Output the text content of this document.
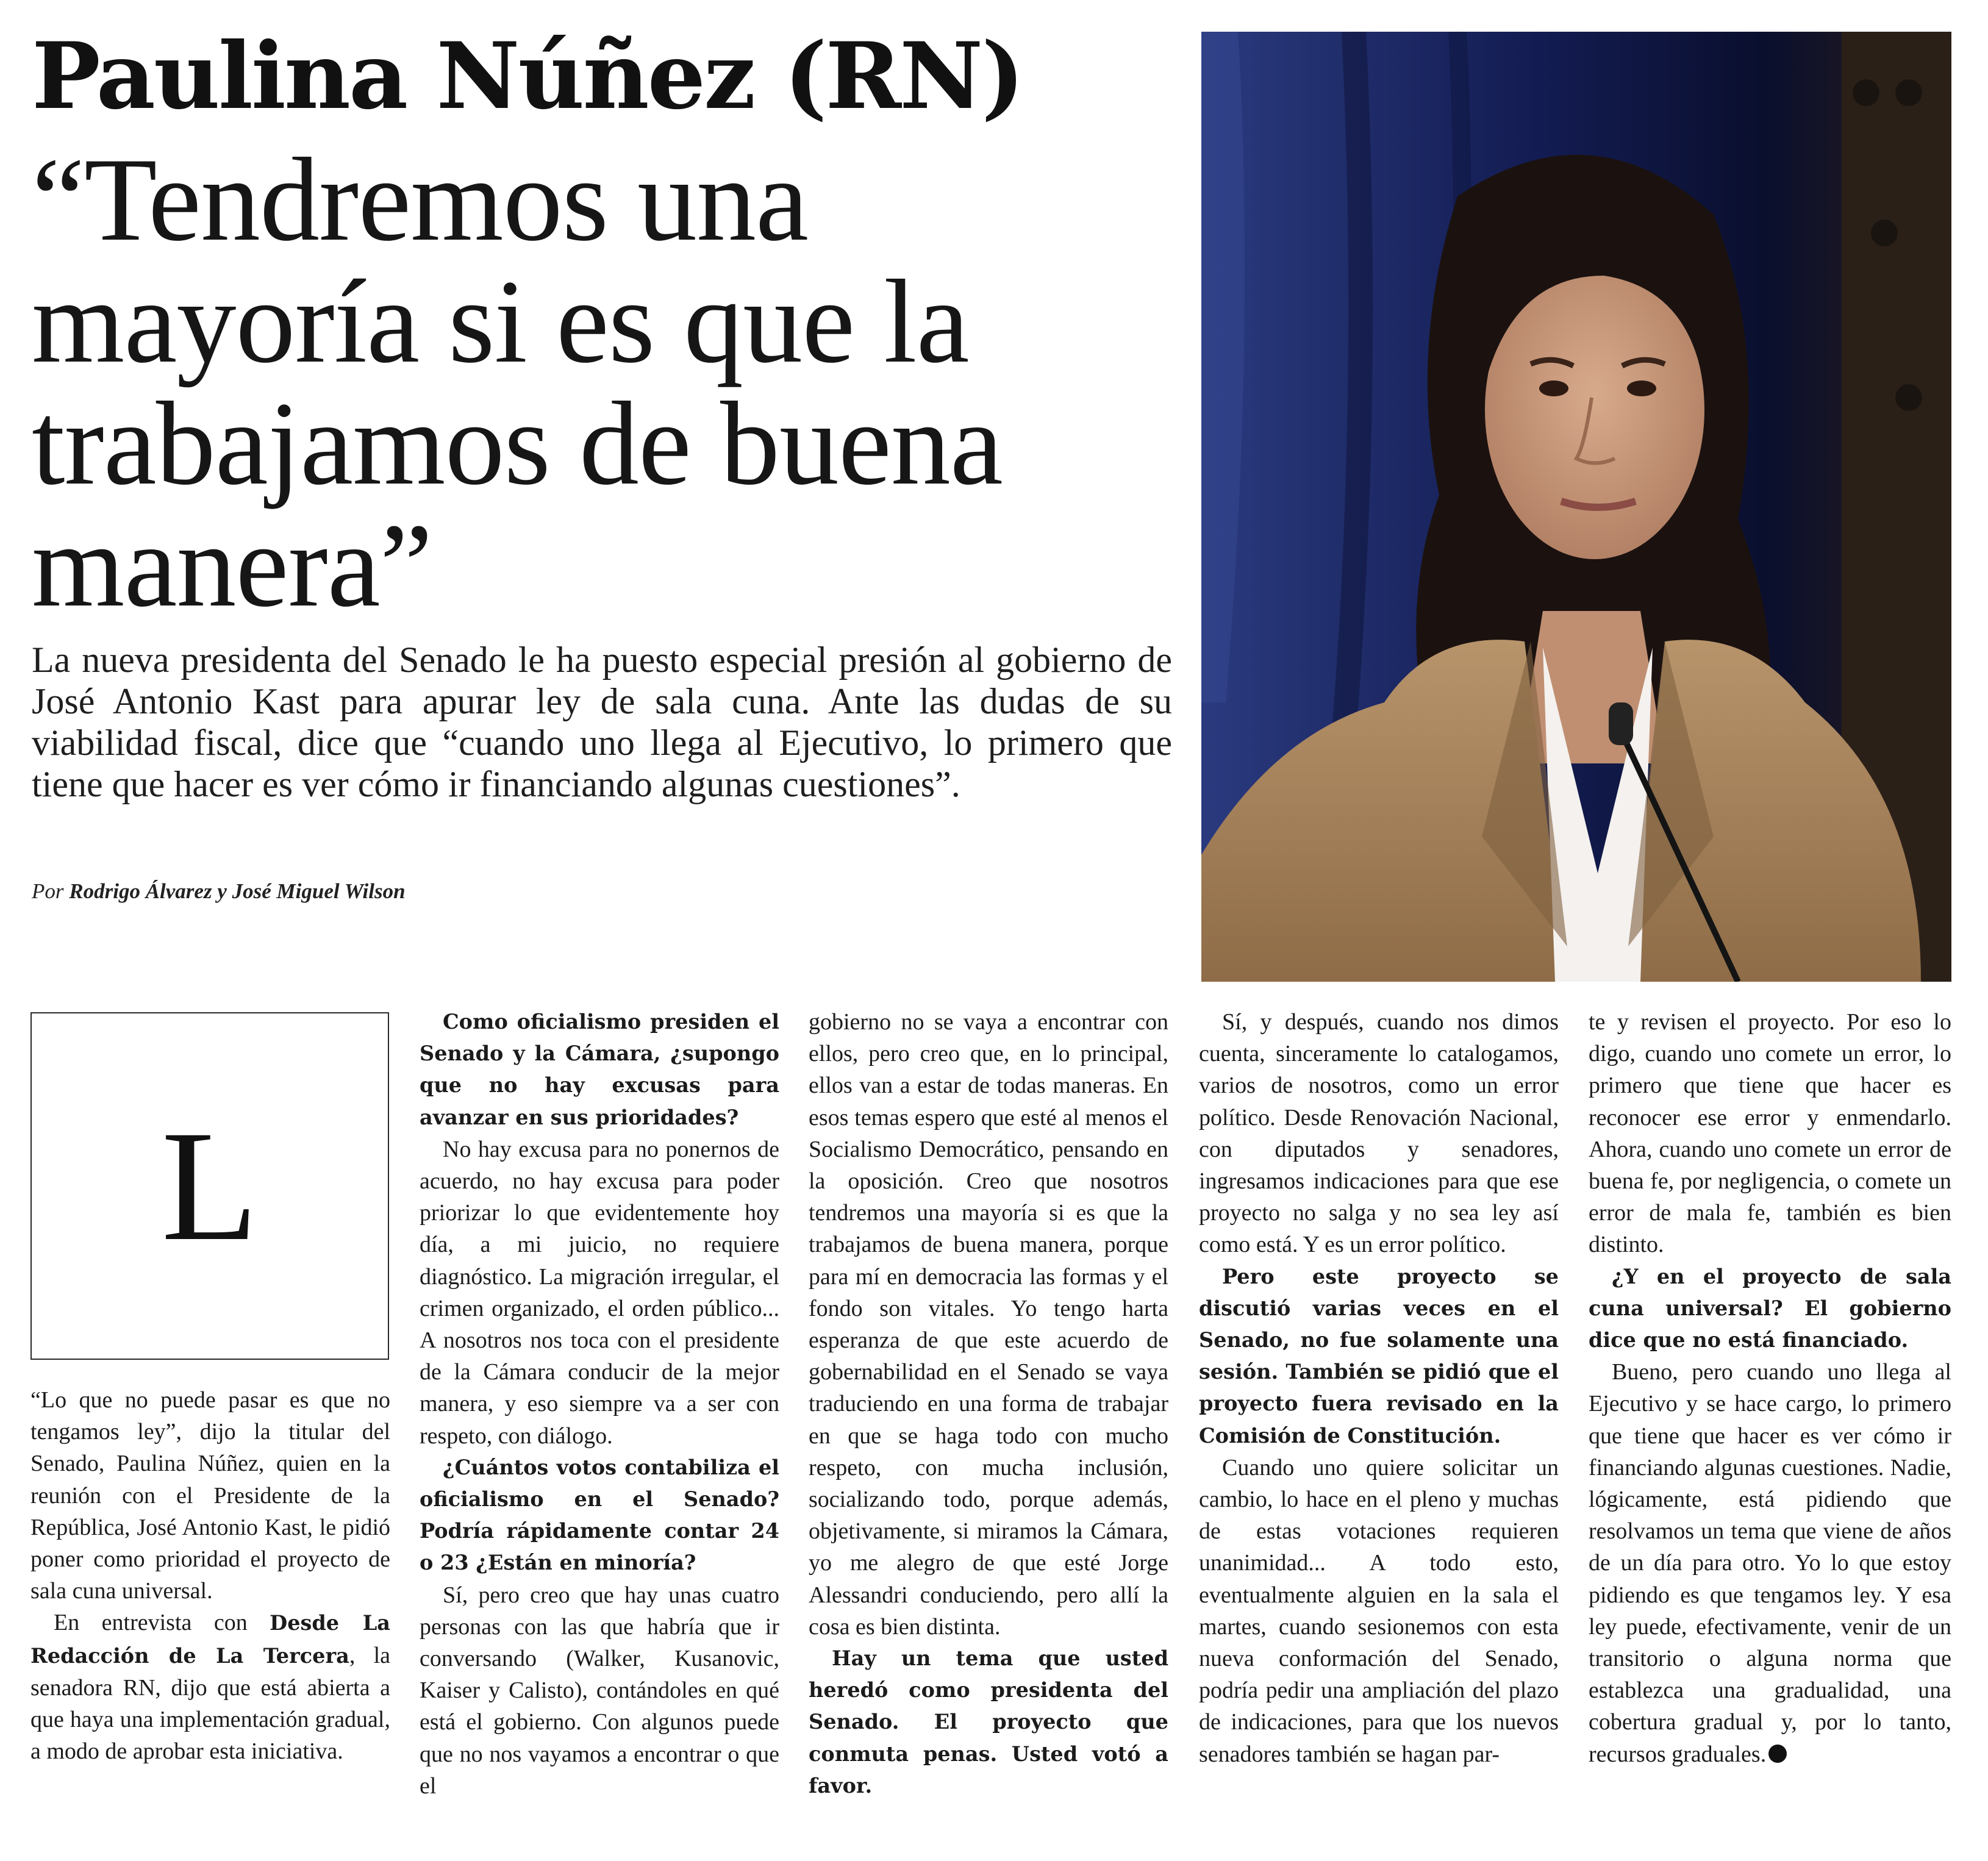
Paulina Núñez (RN)
“Tendremos una
mayoría si es que la
trabajamos de buena
manera”

La nueva presidenta del Senado le ha puesto especial presión al gobierno de José Antonio Kast para apurar ley de sala cuna. Ante las dudas de su viabilidad fiscal, dice que “cuando uno llega al Ejecutivo, lo primero que tiene que hacer es ver cómo ir financiando algunas cuestiones”.

Por Rodrigo Álvarez y José Miguel Wilson

L

“Lo que no puede pasar es que no tengamos ley”, dijo la titular del Senado, Paulina Núñez, quien en la reunión con el Presidente de la República, José Antonio Kast, le pidió poner como prioridad el proyecto de sala cuna universal.

En entrevista con Desde La Redacción de La Tercera, la senadora RN, dijo que está abierta a que haya una implementación gradual, a modo de aprobar esta iniciativa.

Como oficialismo presiden el Senado y la Cámara, ¿supongo que no hay excusas para avanzar en sus prioridades?

No hay excusa para no ponernos de acuerdo, no hay excusa para poder priorizar lo que evidentemente hoy día, a mi juicio, no requiere diagnóstico. La migración irregular, el crimen organizado, el orden público... A nosotros nos toca con el presidente de la Cámara conducir de la mejor manera, y eso siempre va a ser con respeto, con diálogo.

¿Cuántos votos contabiliza el oficialismo en el Senado? Podría rápidamente contar 24 o 23 ¿Están en minoría?

Sí, pero creo que hay unas cuatro personas con las que habría que ir conversando (Walker, Kusanovic, Kaiser y Calisto), contándoles en qué está el gobierno. Con algunos puede que no nos vayamos a encontrar o que el

gobierno no se vaya a encontrar con ellos, pero creo que, en lo principal, ellos van a estar de todas maneras. En esos temas espero que esté al menos el Socialismo Democrático, pensando en la oposición. Creo que nosotros tendremos una mayoría si es que la trabajamos de buena manera, porque para mí en democracia las formas y el fondo son vitales. Yo tengo harta esperanza de que este acuerdo de gobernabilidad en el Senado se vaya traduciendo en una forma de trabajar en que se haga todo con mucho respeto, con mucha inclusión, socializando todo, porque además, objetivamente, si miramos la Cámara, yo me alegro de que esté Jorge Alessandri conduciendo, pero allí la cosa es bien distinta.

Hay un tema que usted heredó como presidenta del Senado. El proyecto que conmuta penas. Usted votó a favor.

Sí, y después, cuando nos dimos cuenta, sinceramente lo catalogamos, varios de nosotros, como un error político. Desde Renovación Nacional, con diputados y senadores, ingresamos indicaciones para que ese proyecto no salga y no sea ley así como está. Y es un error político.

Pero este proyecto se discutió varias veces en el Senado, no fue solamente una sesión. También se pidió que el proyecto fuera revisado en la Comisión de Constitución.

Cuando uno quiere solicitar un cambio, lo hace en el pleno y muchas de estas votaciones requieren unanimidad... A todo esto, eventualmente alguien en la sala el martes, cuando sesionemos con esta nueva conformación del Senado, podría pedir una ampliación del plazo de indicaciones, para que los nuevos senadores también se hagan par-

te y revisen el proyecto. Por eso lo digo, cuando uno comete un error, lo primero que tiene que hacer es reconocer ese error y enmendarlo. Ahora, cuando uno comete un error de buena fe, por negligencia, o comete un error de mala fe, también es bien distinto.

¿Y en el proyecto de sala cuna universal? El gobierno dice que no está financiado.

Bueno, pero cuando uno llega al Ejecutivo y se hace cargo, lo primero que tiene que hacer es ver cómo ir financiando algunas cuestiones. Nadie, lógicamente, está pidiendo que resolvamos un tema que viene de años de un día para otro. Yo lo que estoy pidiendo es que tengamos ley. Y esa ley puede, efectivamente, venir de un transitorio o alguna norma que establezca una gradualidad, una cobertura gradual y, por lo tanto, recursos graduales.
